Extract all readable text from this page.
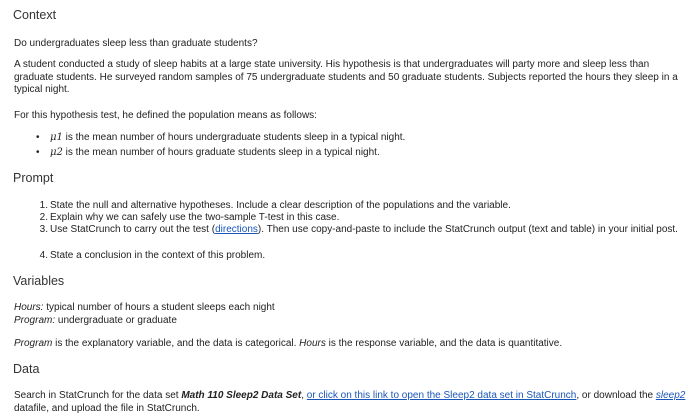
Context
Do undergraduates sleep less than graduate students?
A student conducted a study of sleep habits at a large state university. His hypothesis is that undergraduates will party more and sleep less than graduate students. He surveyed random samples of 75 undergraduate students and 50 graduate students. Subjects reported the hours they sleep in a typical night.
For this hypothesis test, he defined the population means as follows:
• μ1 is the mean number of hours undergraduate students sleep in a typical night.
• μ2 is the mean number of hours graduate students sleep in a typical night.
Prompt
1. State the null and alternative hypotheses. Include a clear description of the populations and the variable.
2. Explain why we can safely use the two-sample T-test in this case.
3. Use StatCrunch to carry out the test (directions). Then use copy-and-paste to include the StatCrunch output (text and table) in your initial post.
4. State a conclusion in the context of this problem.
Variables
Hours: typical number of hours a student sleeps each night
Program: undergraduate or graduate
Program is the explanatory variable, and the data is categorical. Hours is the response variable, and the data is quantitative.
Data
Search in StatCrunch for the data set Math 110 Sleep2 Data Set, or click on this link to open the Sleep2 data set in StatCrunch, or download the sleep2 datafile, and upload the file in StatCrunch.
